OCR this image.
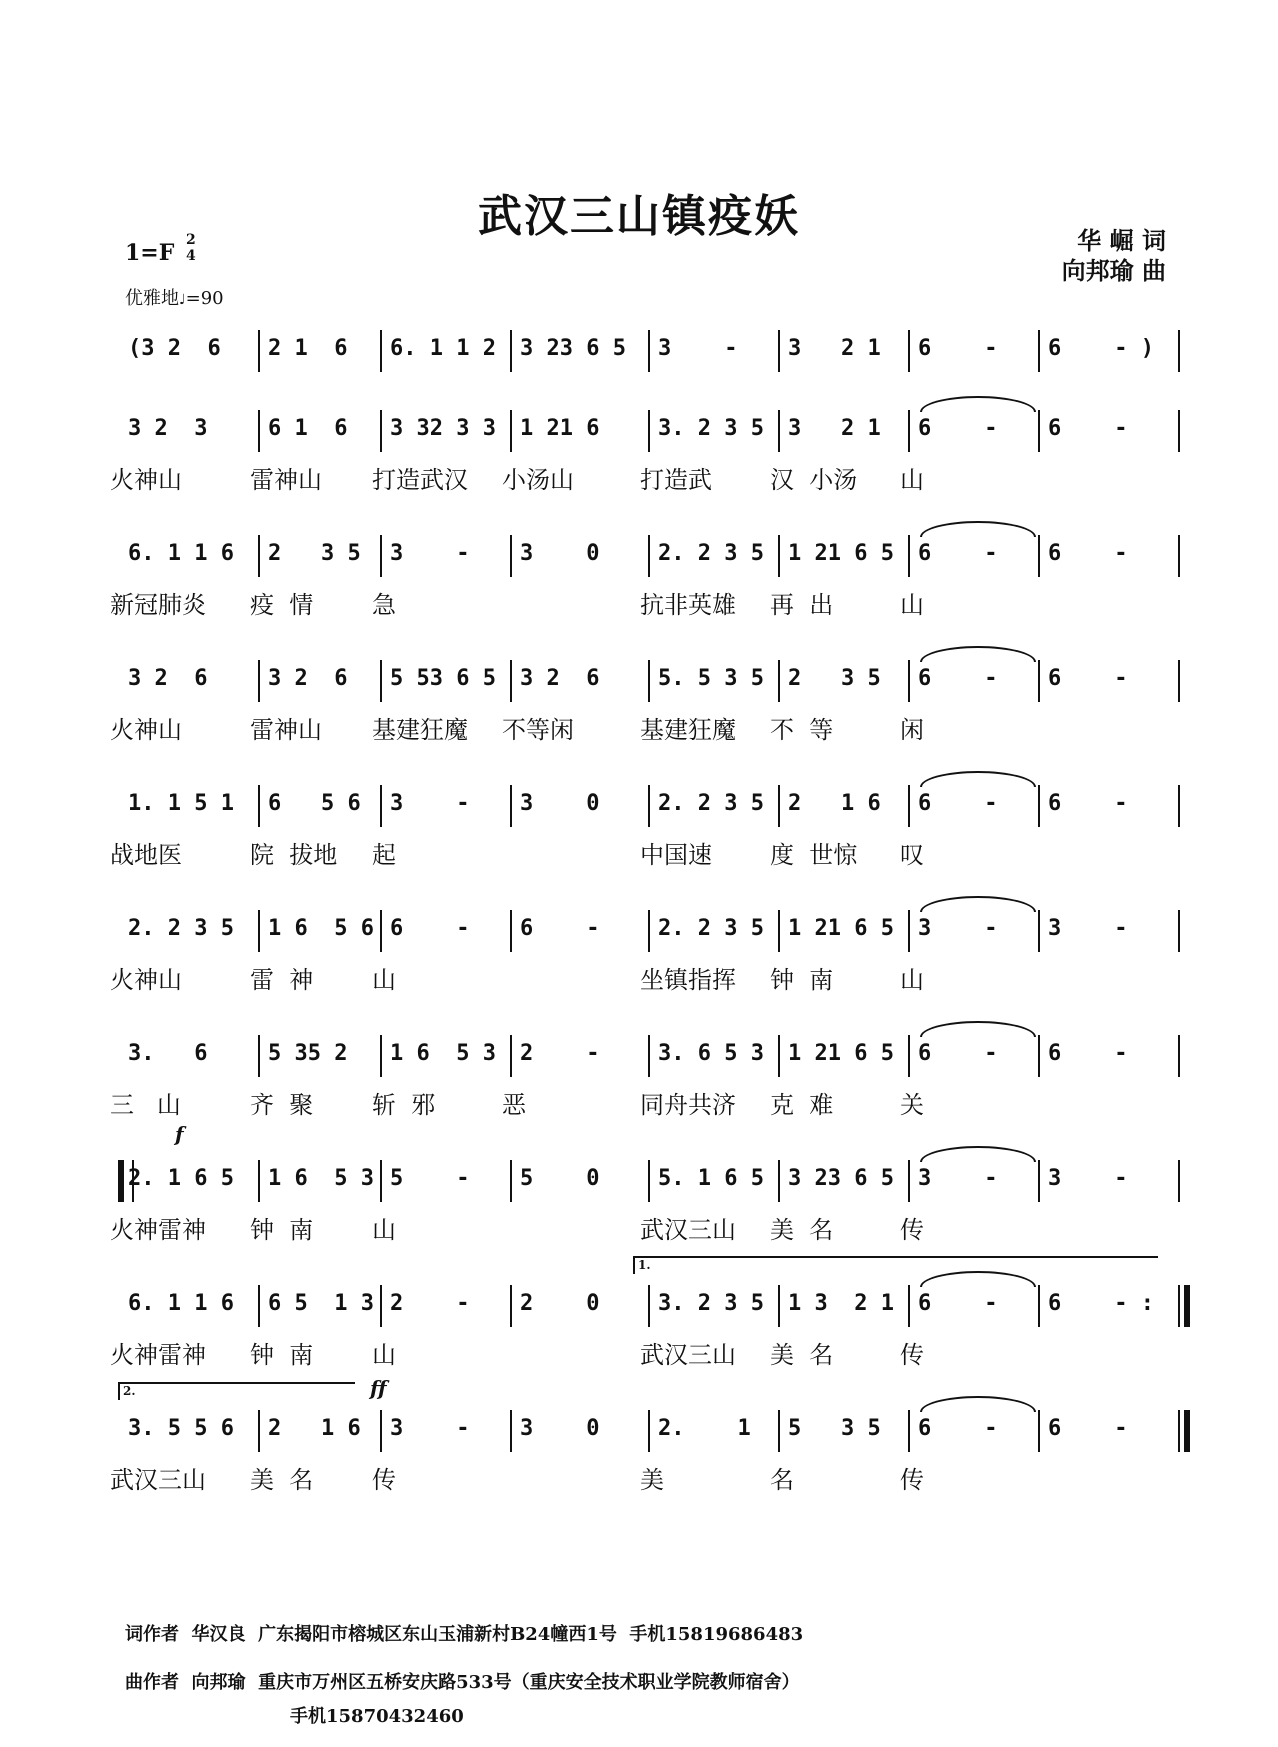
武汉三山镇疫妖	华 崛 词
向邦瑜 曲
1=F 2
4
优雅地♩=90
(3 2  6 2 1  6 6. 1 1 2 3 23 6 5 3    - 3   2 1 6    - 6    - )
3 2  3	6 1  6 3 32 3 3 1 21 6	3. 2 3 5 3   2 1 6    - 6    -
火神山	雷神山 打造武汉 小汤山	打造武 汉  小汤 山
6. 1 1 6 2   3 5 3    - 3    0	2. 2 3 5 1 21 6 5 6    - 6    -
新冠肺炎 疫  情 急	抗非英雄 再  出	山
3 2  6	3 2  6 5 53 6 5 3 2  6	5. 5 3 5 2   3 5 6    - 6    -
火神山	雷神山 基建狂魔 不等闲	基建狂魔 不  等	闲
1. 1 5 1 6   5 6 3    - 3    0	2. 2 3 5 2   1 6 6    - 6    -
战地医	院  拔地 起	中国速 度  世惊 叹
2. 2 3 5 1 6  5 6 6    - 6    -	2. 2 3 5 1 21 6 5 3    - 3    -
火神山	雷  神 山	坐镇指挥 钟  南	山
3.   6	5 35 2 1 6  5 3 2    -	3. 6 5 3 1 21 6 5 6    - 6    -
三   山	齐  聚 斩  邪	恶	同舟共济 克  难	关
2. 1 6 5 1 6  5 3 5    - 5    0	5. 1 6 5 3 23 6 5 3    - 3    -
火神雷神 钟  南 山	武汉三山 美  名	传
6. 1 1 6 6 5  1 3 2    - 2    0	3. 2 3 5 1 3  2 1 6    - 6    - :
火神雷神 钟  南 山	武汉三山 美  名	传
3. 5 5 6 2   1 6 3    - 3    0	2.    1 5   3 5 6    - 6    -
武汉三山 美  名 传	美	名	传
f
ff
1.
2.
词作者  华汉良  广东揭阳市榕城区东山玉浦新村B24幢西1号  手机15819686483
曲作者  向邦瑜  重庆市万州区五桥安庆路533号（重庆安全技术职业学院教师宿舍）
手机15870432460
